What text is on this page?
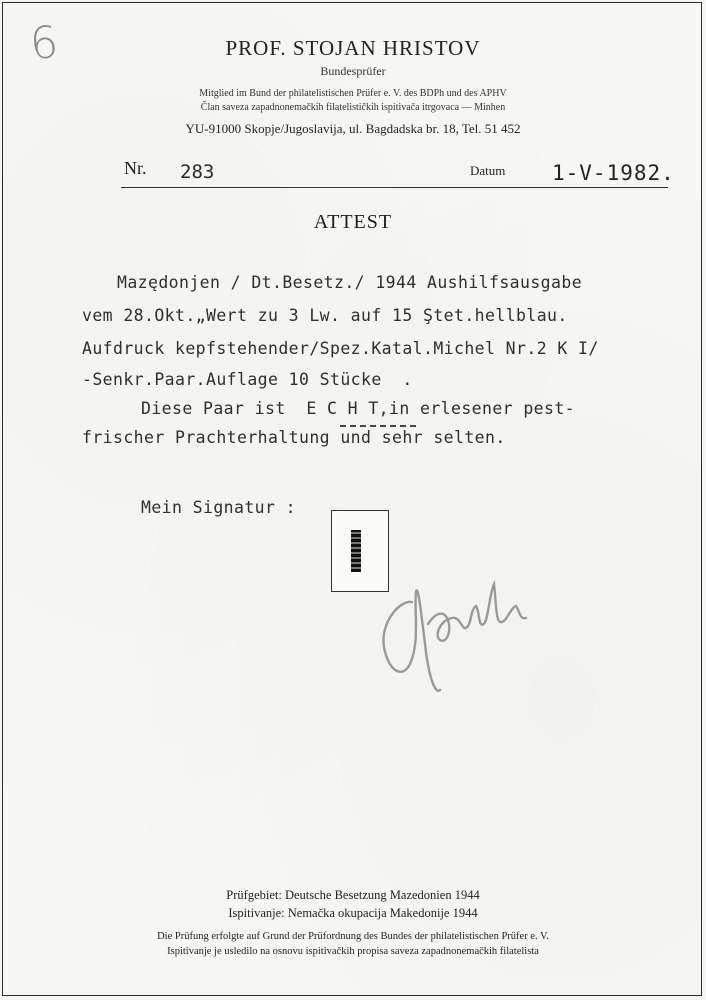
6	PROF. STOJAN HRISTOV
Bundesprüfer
Mitglied im Bund der philatelistischen Prüfer e. V. des BDPh und des APHV
Član saveza zapadnonemačkih filatelističkih ispitivača itrgovaca — Minhen
YU-91000 Skopje/Jugoslavija, ul. Bagdadska br. 18, Tel. 51 452
Nr. 283	Datum 1-V-1982.
ATTEST
Mazędonjen / Dt.Besetz./ 1944 Aushilfsausgabe
vem 28.Okt.„Wert zu 3 Lw. auf 15 Ştet.hellblau.
Aufdruck kepfstehender/Spez.Katal.Michel Nr.2 K I/
-Senkr.Paar.Auflage 10 Stücke  .
Diese Paar ist  E C H T,in erlesener pest-
frischer Prachterhaltung und sehr selten.
Mein Signatur :
Prüfgebiet: Deutsche Besetzung Mazedonien 1944
Ispitivanje: Nemačka okupacija Makedonije 1944
Die Prüfung erfolgte auf Grund der Prüfordnung des Bundes der philatelistischen Prüfer e. V.
Ispitivanje je usledilo na osnovu ispitivačkih propisa saveza zapadnonemačkih filatelista
